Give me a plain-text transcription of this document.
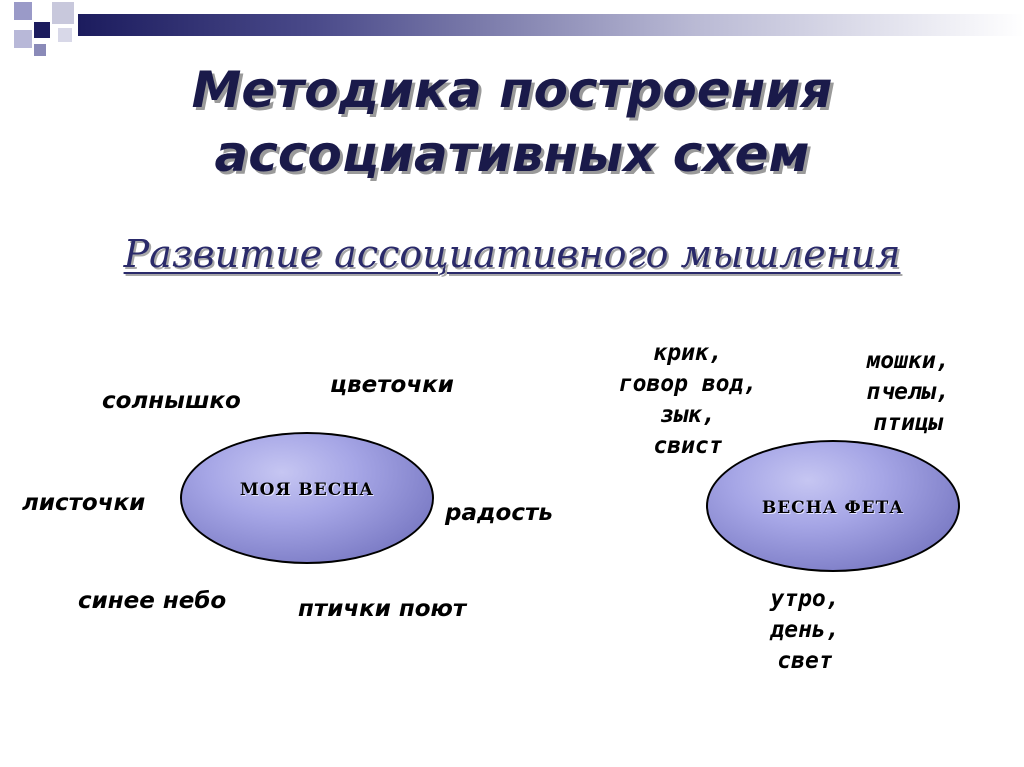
Методика построения
ассоциативных схем
Развитие ассоциативного мышления
МОЯ ВЕСНА
солнышко
цветочки
листочки	радость
синее небо	птички поют
ВЕСНА ФЕТА
крик,
говор вод,
зык,
свист
мошки,
пчелы,
птицы
утро,
день,
свет
